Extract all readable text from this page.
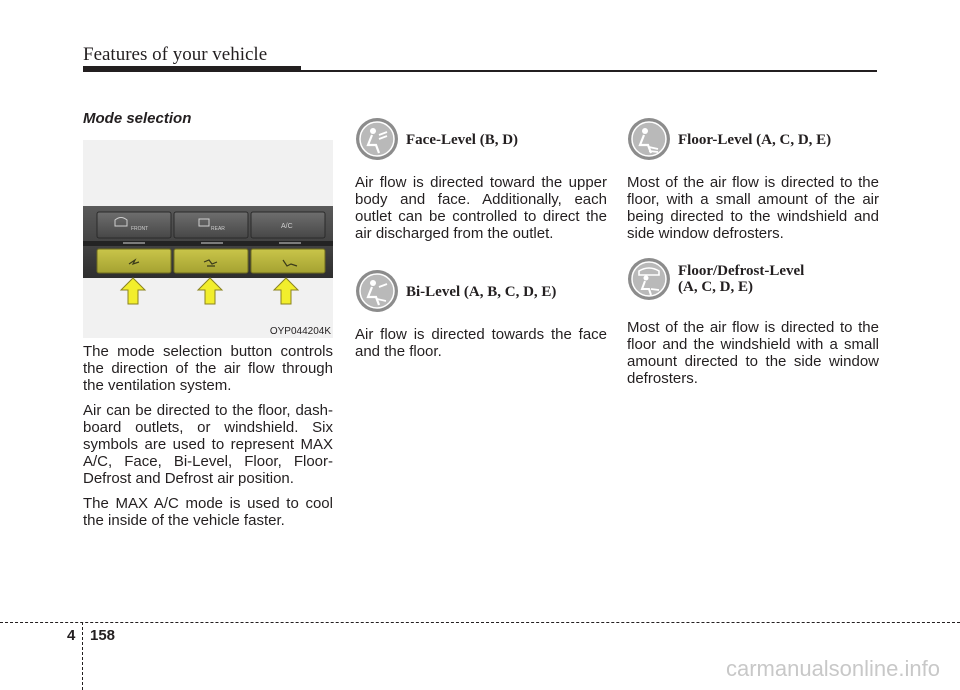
Features of your vehicle
Mode selection
FRONT	REAR	A/C
OYP044204K

The mode selection button controls the direction of the air flow through the ventilation system.

Air can be directed to the floor, dash-board outlets, or windshield. Six symbols are used to represent MAX A/C, Face, Bi-Level, Floor, Floor-Defrost and Defrost air position.

The MAX A/C mode is used to cool the inside of the vehicle faster.

Face-Level (B, D)

Air flow is directed toward the upper body and face. Additionally, each outlet can be controlled to direct the air discharged from the outlet.

Bi-Level (A, B, C, D, E)

Air flow is directed towards the face and the floor.

Floor-Level (A, C, D, E)

Most of the air flow is directed to the floor, with a small amount of the air being directed to the windshield and side window defrosters.

Floor/Defrost-Level
(A, C, D, E)

Most of the air flow is directed to the floor and the windshield with a small amount directed to the side window defrosters.

4 158
carmanualsonline.info
